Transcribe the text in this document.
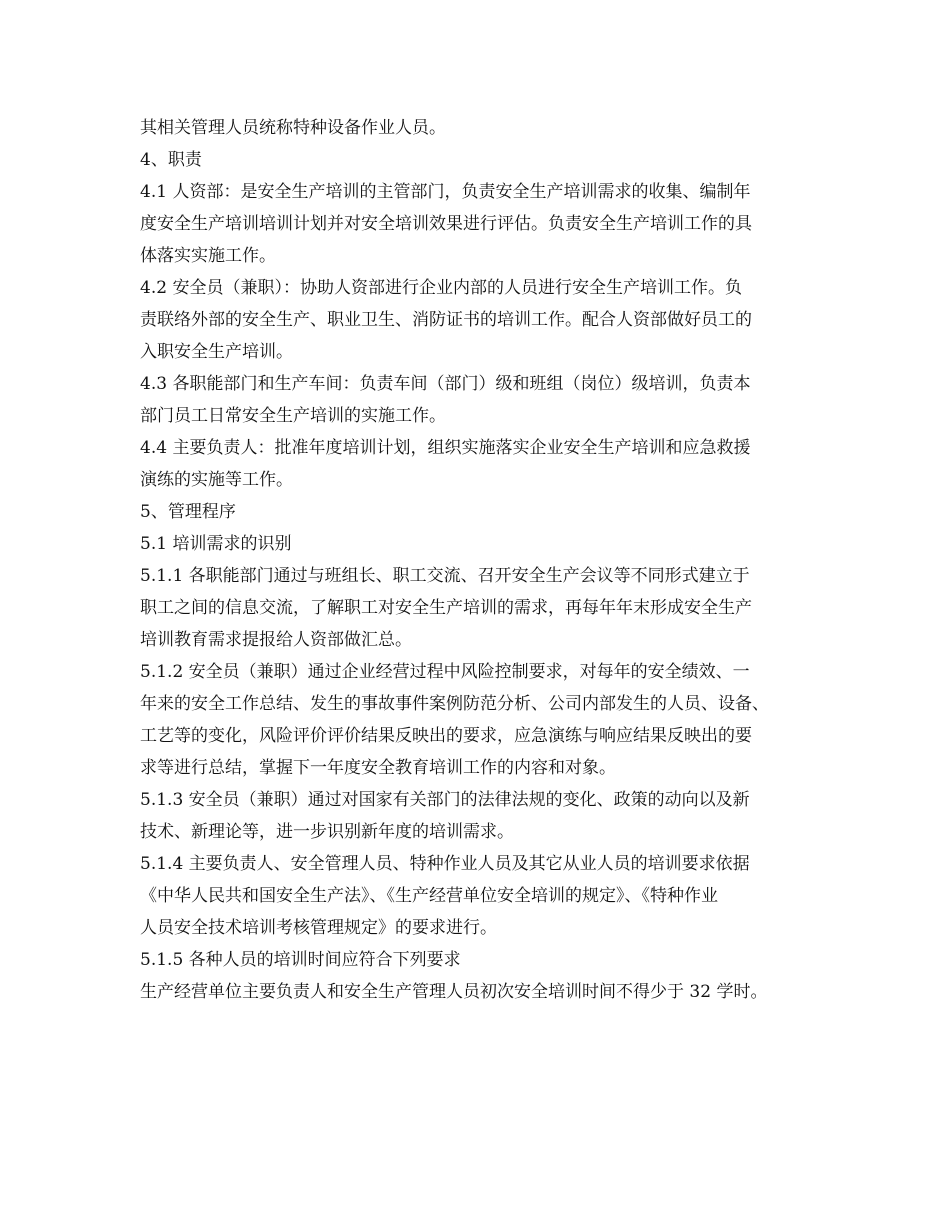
其相关管理人员统称特种设备作业人员。
4、职责
4.1 人资部：是安全生产培训的主管部门，负责安全生产培训需求的收集、编制年
度安全生产培训培训计划并对安全培训效果进行评估。负责安全生产培训工作的具
体落实实施工作。
4.2 安全员（兼职）：协助人资部进行企业内部的人员进行安全生产培训工作。负
责联络外部的安全生产、职业卫生、消防证书的培训工作。配合人资部做好员工的
入职安全生产培训。
4.3 各职能部门和生产车间：负责车间（部门）级和班组（岗位）级培训，负责本
部门员工日常安全生产培训的实施工作。
4.4 主要负责人：批准年度培训计划，组织实施落实企业安全生产培训和应急救援
演练的实施等工作。
5、管理程序
5.1 培训需求的识别
5.1.1 各职能部门通过与班组长、职工交流、召开安全生产会议等不同形式建立于
职工之间的信息交流，了解职工对安全生产培训的需求，再每年年末形成安全生产
培训教育需求提报给人资部做汇总。
5.1.2 安全员（兼职）通过企业经营过程中风险控制要求，对每年的安全绩效、一
年来的安全工作总结、发生的事故事件案例防范分析、公司内部发生的人员、设备、
工艺等的变化，风险评价评价结果反映出的要求，应急演练与响应结果反映出的要
求等进行总结，掌握下一年度安全教育培训工作的内容和对象。
5.1.3 安全员（兼职）通过对国家有关部门的法律法规的变化、政策的动向以及新
技术、新理论等，进一步识别新年度的培训需求。
5.1.4 主要负责人、安全管理人员、特种作业人员及其它从业人员的培训要求依据
《中华人民共和国安全生产法》、《生产经营单位安全培训的规定》、《特种作业
人员安全技术培训考核管理规定》的要求进行。
5.1.5 各种人员的培训时间应符合下列要求
生产经营单位主要负责人和安全生产管理人员初次安全培训时间不得少于 32 学时。
